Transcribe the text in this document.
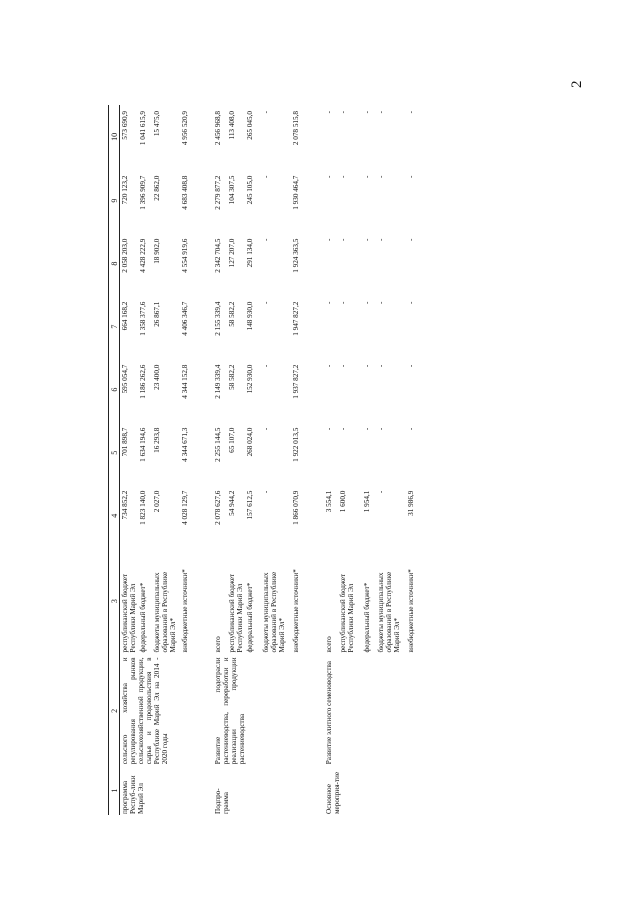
2
1	2	3	4	5	6	7	8	9	10
программа Респуб-лики Марий Эл	сельского хозяйства и регулирования рынков сельскохозяйственной продукции, сырья и продовольствия в Республике Марий Эл на 2014 - 2020 годы	республиканский бюджет Республики Марий Эл	734 852,2	701 898,7	595 054,7	664 168,2	2 058 203,0	720 123,2	573 690,9
		федеральный бюджет*	1 823 140,0	1 634 194,6	1 186 262,6	1 358 377,6	4 428 222,9	1 396 909,7	1 041 615,9
		бюджеты муниципальных образований в Республике Марий Эл*	2 027,0	16 293,8	23 400,0	26 867,1	18 902,0	22 862,0	15 475,0
		внебюджетные источники*	4 028 129,7	4 344 671,3	4 344 152,8	4 406 346,7	4 554 919,6	4 683 408,8	4 956 520,9
Подпро-грамма	Развитие подотрасли растениеводства, переработки и реализации продукции растениеводства	всего	2 078 627,6	2 255 144,5	2 149 339,4	2 155 339,4	2 342 704,5	2 279 877,2	2 456 968,8
		республиканский бюджет Республики Марий Эл	54 944,2	65 107,0	58 582,2	58 582,2	127 207,0	104 307,5	113 408,0
		федеральный бюджет*	157 612,5	268 024,0	152 930,0	148 930,0	291 134,0	245 105,0	265 045,0
		бюджеты муниципальных образований в Республике Марий Эл*	-	-	-	-	-	-	-
		внебюджетные источники*	1 866 070,9	1 922 013,5	1 937 827,2	1 947 827,2	1 924 363,5	1 930 464,7	2 078 515,8
Основное мероприя-тие	Развитие элитного семеноводства	всего	3 554,1	-	-	-	-	-	-
		республиканский бюджет Республики Марий Эл	1 600,0	-	-	-	-	-	-
		федеральный бюджет*	1 954,1	-	-	-	-	-	-
		бюджеты муниципальных образований в Республике Марий Эл*	-	-	-	-	-	-	-
		внебюджетные источники*	31 986,9	-	-	-	-	-	-
